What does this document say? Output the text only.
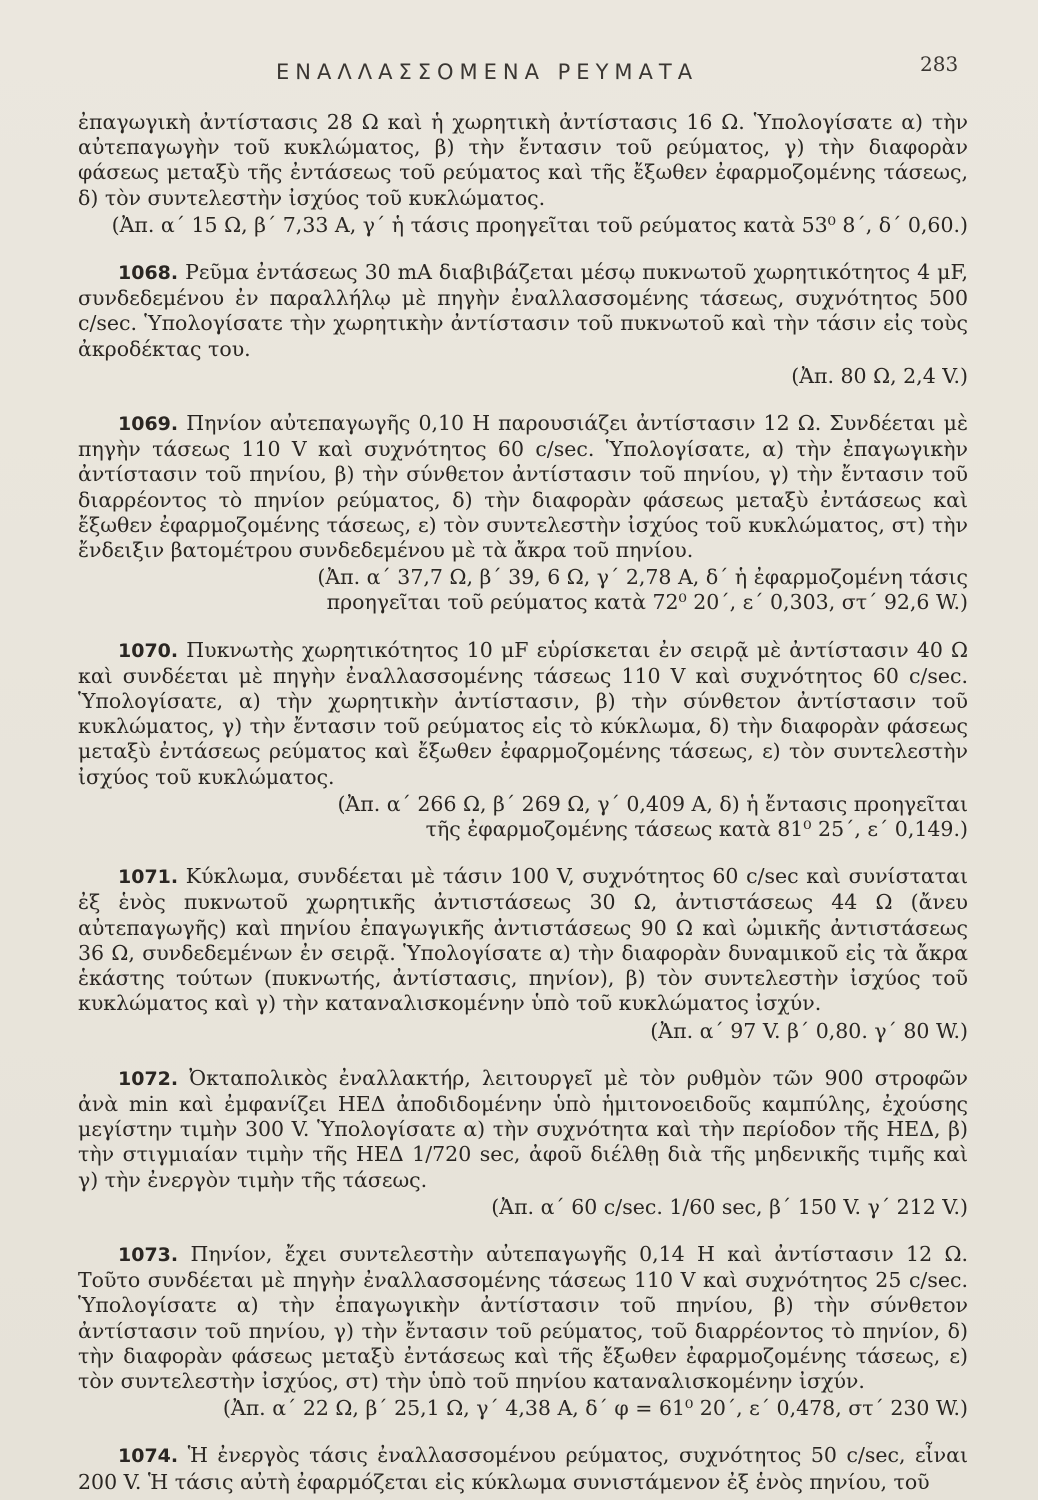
ΕΝΑΛΛΑΣΣΟΜΕΝΑ ΡΕΥΜΑΤΑ	283

ἐπαγωγικὴ ἀντίστασις 28 Ω καὶ ἡ χωρητικὴ ἀντίστασις 16 Ω. Ὑπολογίσατε α) τὴν αὐτεπαγωγὴν τοῦ κυκλώματος, β) τὴν ἔντασιν τοῦ ρεύματος, γ) τὴν διαφορὰν φάσεως μεταξὺ τῆς ἐντάσεως τοῦ ρεύματος καὶ τῆς ἔξωθεν ἐφαρμοζομένης τάσεως, δ) τὸν συντελεστὴν ἰσχύος τοῦ κυκλώματος.
(Ἀπ. α΄ 15 Ω, β΄ 7,33 Α, γ΄ ἡ τάσις προηγεῖται τοῦ ρεύματος κατὰ 53⁰ 8΄, δ΄ 0,60.)

1068. Ρεῦμα ἐντάσεως 30 mA διαβιβάζεται μέσῳ πυκνωτοῦ χωρητικότητος 4 μF, συνδεδεμένου ἐν παραλλήλῳ μὲ πηγὴν ἐναλλασσομένης τάσεως, συχνότητος 500 c/sec. Ὑπολογίσατε τὴν χωρητικὴν ἀντίστασιν τοῦ πυκνωτοῦ καὶ τὴν τάσιν εἰς τοὺς ἀκροδέκτας του.
(Ἀπ. 80 Ω, 2,4 V.)

1069. Πηνίον αὐτεπαγωγῆς 0,10 Η παρουσιάζει ἀντίστασιν 12 Ω. Συνδέεται μὲ πηγὴν τάσεως 110 V καὶ συχνότητος 60 c/sec. Ὑπολογίσατε, α) τὴν ἐπαγωγικὴν ἀντίστασιν τοῦ πηνίου, β) τὴν σύνθετον ἀντίστασιν τοῦ πηνίου, γ) τὴν ἔντασιν τοῦ διαρρέοντος τὸ πηνίον ρεύματος, δ) τὴν διαφορὰν φάσεως μεταξὺ ἐντάσεως καὶ ἔξωθεν ἐφαρμοζομένης τάσεως, ε) τὸν συντελεστὴν ἰσχύος τοῦ κυκλώματος, στ) τὴν ἔνδειξιν βατομέτρου συνδεδεμένου μὲ τὰ ἄκρα τοῦ πηνίου.
(Ἀπ. α΄ 37,7 Ω, β΄ 39, 6 Ω, γ΄ 2,78 Α, δ΄ ἡ ἐφαρμοζομένη τάσις
προηγεῖται τοῦ ρεύματος κατὰ 72⁰ 20΄, ε΄ 0,303, στ΄ 92,6 W.)

1070. Πυκνωτὴς χωρητικότητος 10 μF εὑρίσκεται ἐν σειρᾷ μὲ ἀντίστασιν 40 Ω καὶ συνδέεται μὲ πηγὴν ἐναλλασσομένης τάσεως 110 V καὶ συχνότητος 60 c/sec. Ὑπολογίσατε, α) τὴν χωρητικὴν ἀντίστασιν, β) τὴν σύνθετον ἀντίστασιν τοῦ κυκλώματος, γ) τὴν ἔντασιν τοῦ ρεύματος εἰς τὸ κύκλωμα, δ) τὴν διαφορὰν φάσεως μεταξὺ ἐντάσεως ρεύματος καὶ ἔξωθεν ἐφαρμοζομένης τάσεως, ε) τὸν συντελεστὴν ἰσχύος τοῦ κυκλώματος.
(Ἀπ. α΄ 266 Ω, β΄ 269 Ω, γ΄ 0,409 Α, δ) ἡ ἔντασις προηγεῖται
τῆς ἐφαρμοζομένης τάσεως κατὰ 81⁰ 25΄, ε΄ 0,149.)

1071. Κύκλωμα, συνδέεται μὲ τάσιν 100 V, συχνότητος 60 c/sec καὶ συνίσταται ἐξ ἑνὸς πυκνωτοῦ χωρητικῆς ἀντιστάσεως 30 Ω, ἀντιστάσεως 44 Ω (ἄνευ αὐτεπαγωγῆς) καὶ πηνίου ἐπαγωγικῆς ἀντιστάσεως 90 Ω καὶ ὠμικῆς ἀντιστάσεως 36 Ω, συνδεδεμένων ἐν σειρᾷ. Ὑπολογίσατε α) τὴν διαφορὰν δυναμικοῦ εἰς τὰ ἄκρα ἑκάστης τούτων (πυκνωτής, ἀντίστασις, πηνίον), β) τὸν συντελεστὴν ἰσχύος τοῦ κυκλώματος καὶ γ) τὴν καταναλισκομένην ὑπὸ τοῦ κυκλώματος ἰσχύν.
(Ἀπ. α΄ 97 V. β΄ 0,80. γ΄ 80 W.)

1072. Ὀκταπολικὸς ἐναλλακτήρ, λειτουργεῖ μὲ τὸν ρυθμὸν τῶν 900 στροφῶν ἀνὰ min καὶ ἐμφανίζει ΗΕΔ ἀποδιδομένην ὑπὸ ἡμιτονοειδοῦς καμπύλης, ἐχούσης μεγίστην τιμὴν 300 V. Ὑπολογίσατε α) τὴν συχνότητα καὶ τὴν περίοδον τῆς ΗΕΔ, β) τὴν στιγμιαίαν τιμὴν τῆς ΗΕΔ 1/720 sec, ἀφοῦ διέλθῃ διὰ τῆς μηδενικῆς τιμῆς καὶ γ) τὴν ἐνεργὸν τιμὴν τῆς τάσεως.
(Ἀπ. α΄ 60 c/sec. 1/60 sec, β΄ 150 V. γ΄ 212 V.)

1073. Πηνίον, ἔχει συντελεστὴν αὐτεπαγωγῆς 0,14 Η καὶ ἀντίστασιν 12 Ω. Τοῦτο συνδέεται μὲ πηγὴν ἐναλλασσομένης τάσεως 110 V καὶ συχνότητος 25 c/sec. Ὑπολογίσατε α) τὴν ἐπαγωγικὴν ἀντίστασιν τοῦ πηνίου, β) τὴν σύνθετον ἀντίστασιν τοῦ πηνίου, γ) τὴν ἔντασιν τοῦ ρεύματος, τοῦ διαρρέοντος τὸ πηνίον, δ) τὴν διαφορὰν φάσεως μεταξὺ ἐντάσεως καὶ τῆς ἔξωθεν ἐφαρμοζομένης τάσεως, ε) τὸν συντελεστὴν ἰσχύος, στ) τὴν ὑπὸ τοῦ πηνίου καταναλισκομένην ἰσχύν.
(Ἀπ. α΄ 22 Ω, β΄ 25,1 Ω, γ΄ 4,38 Α, δ΄ φ = 61⁰ 20΄, ε΄ 0,478, στ΄ 230 W.)

1074. Ἡ ἐνεργὸς τάσις ἐναλλασσομένου ρεύματος, συχνότητος 50 c/sec, εἶναι 200 V. Ἡ τάσις αὐτὴ ἐφαρμόζεται εἰς κύκλωμα συνιστάμενον ἐξ ἑνὸς πηνίου, τοῦ
